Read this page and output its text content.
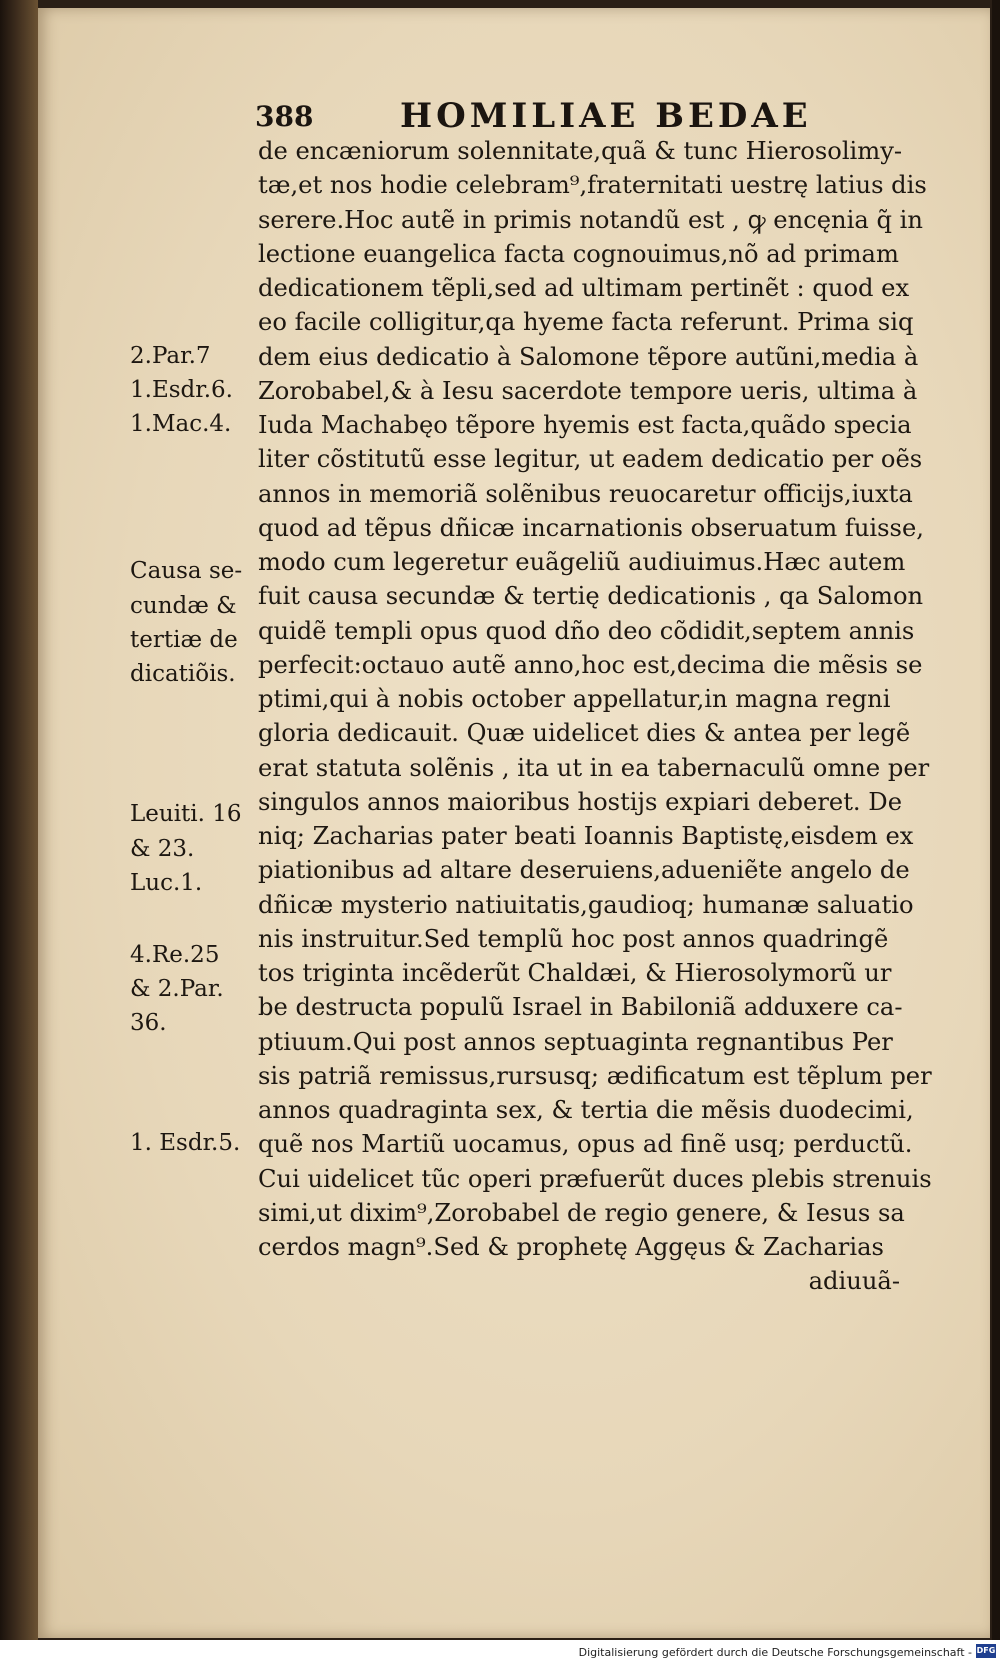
388	HOMILIAE BEDAE
de encæniorum solennitate,quã & tunc Hierosolimy-
tæ,et nos hodie celebram⁹,fraternitati uestrę latius dis
serere.Hoc autẽ in primis notandũ est , ꝙ encęnia q̃ in
lectione euangelica facta cognouimus,nõ ad primam
dedicationem tẽpli,sed ad ultimam pertinẽt : quod ex
eo facile colligitur,qa hyeme facta referunt. Prima siq
dem eius dedicatio à Salomone tẽpore autũni,media à
Zorobabel,& à Iesu sacerdote tempore ueris, ultima à
Iuda Machabęo tẽpore hyemis est facta,quãdo specia
liter cõstitutũ esse legitur, ut eadem dedicatio per oẽs
annos in memoriã solẽnibus reuocaretur officijs,iuxta
quod ad tẽpus dñicæ incarnationis obseruatum fuisse,
modo cum legeretur euãgeliũ audiuimus.Hæc autem
fuit causa secundæ & tertię dedicationis , qa Salomon
quidẽ templi opus quod dño deo cõdidit,septem annis
perfecit:octauo autẽ anno,hoc est,decima die mẽsis se
ptimi,qui à nobis october appellatur,in magna regni
gloria dedicauit. Quæ uidelicet dies & antea per legẽ
erat statuta solẽnis , ita ut in ea tabernaculũ omne per
singulos annos maioribus hostijs expiari deberet. De
niq; Zacharias pater beati Ioannis Baptistę,eisdem ex
piationibus ad altare deseruiens,adueniẽte angelo de
dñicæ mysterio natiuitatis,gaudioq; humanæ saluatio
nis instruitur.Sed templũ hoc post annos quadringẽ
tos triginta incẽderũt Chaldæi, & Hierosolymorũ ur
be destructa populũ Israel in Babiloniã adduxere ca-
ptiuum.Qui post annos septuaginta regnantibus Per
sis patriã remissus,rursusq; ædificatum est tẽplum per
annos quadraginta sex, & tertia die mẽsis duodecimi,
quẽ nos Martiũ uocamus, opus ad finẽ usq; perductũ.
Cui uidelicet tũc operi præfuerũt duces plebis strenuis
simi,ut dixim⁹,Zorobabel de regio genere, & Iesus sa
cerdos magn⁹.Sed & prophetę Aggęus & Zacharias
adiuuã-
2.Par.7
1.Esdr.6.
1.Mac.4.
Causa se-
cundæ &
tertiæ de
dicatiõis.
Leuiti. 16
& 23.
Luc.1.
4.Re.25
& 2.Par.
36.
1. Esdr.5.
Digitalisierung gefördert durch die Deutsche Forschungsgemeinschaft - DFG
